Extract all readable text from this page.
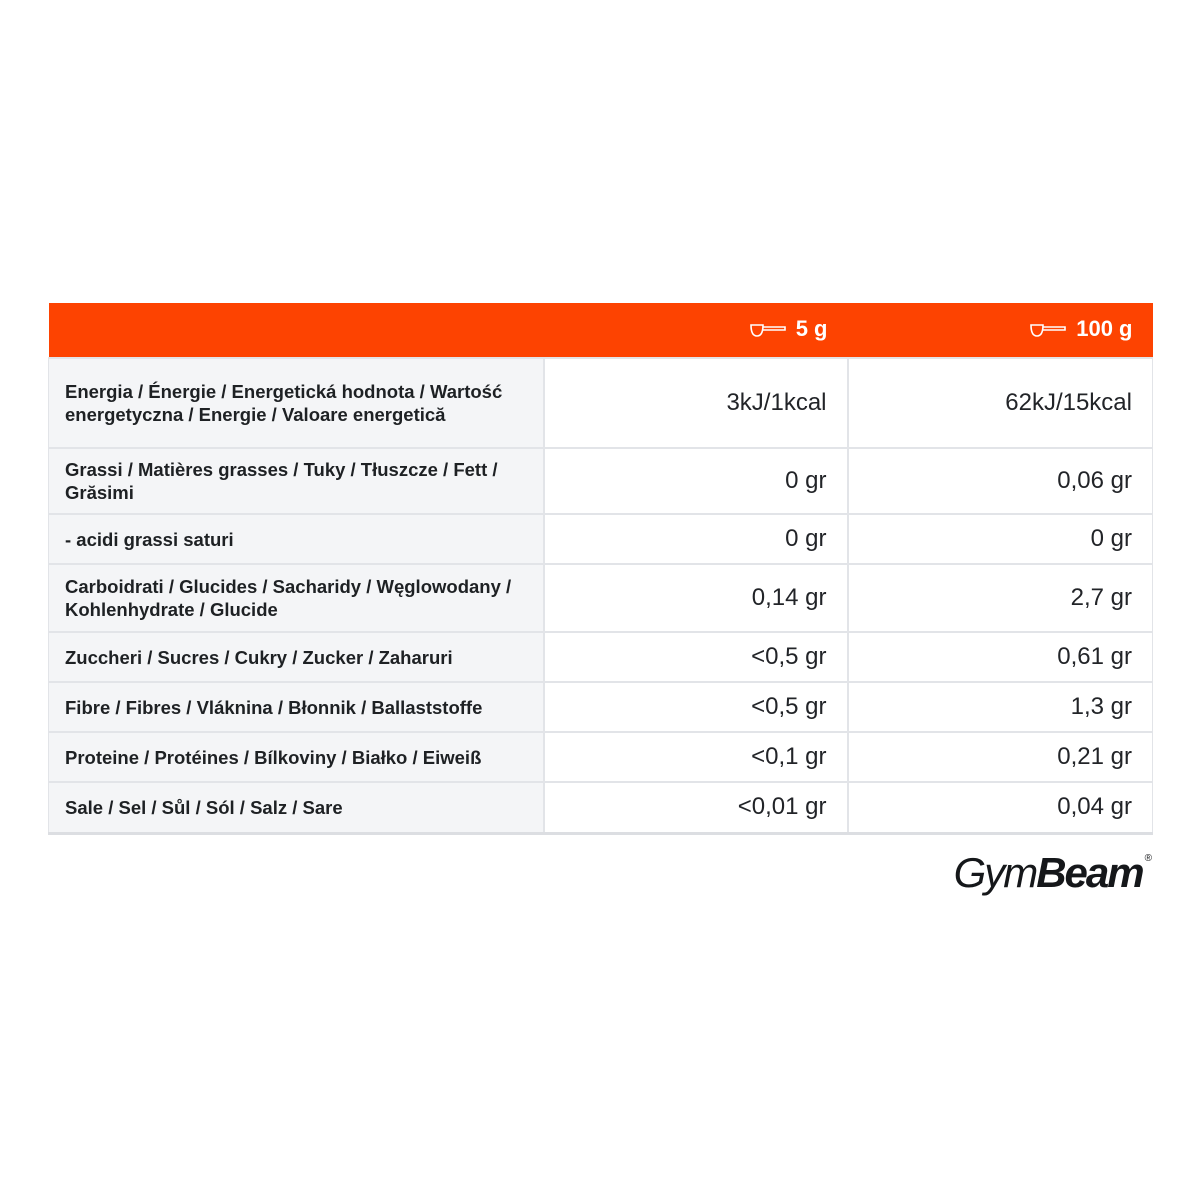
	5 g	100 g

Energia / Énergie / Energetická hodnota / Wartość energetyczna / Energie / Valoare energetică	3kJ/1kcal	62kJ/15kcal
Grassi / Matières grasses / Tuky / Tłuszcze / Fett / Grăsimi	0 gr	0,06 gr
- acidi grassi saturi	0 gr	0 gr
Carboidrati / Glucides / Sacharidy / Węglowodany / Kohlenhydrate / Glucide	0,14 gr	2,7 gr
Zuccheri / Sucres / Cukry / Zucker / Zaharuri	<0,5 gr	0,61 gr
Fibre / Fibres / Vláknina / Błonnik / Ballaststoffe	<0,5 gr	1,3 gr
Proteine / Protéines / Bílkoviny / Białko / Eiweiß	<0,1 gr	0,21 gr
Sale / Sel / Sůl / Sól / Salz / Sare	<0,01 gr	0,04 gr
Gym Beam ®
